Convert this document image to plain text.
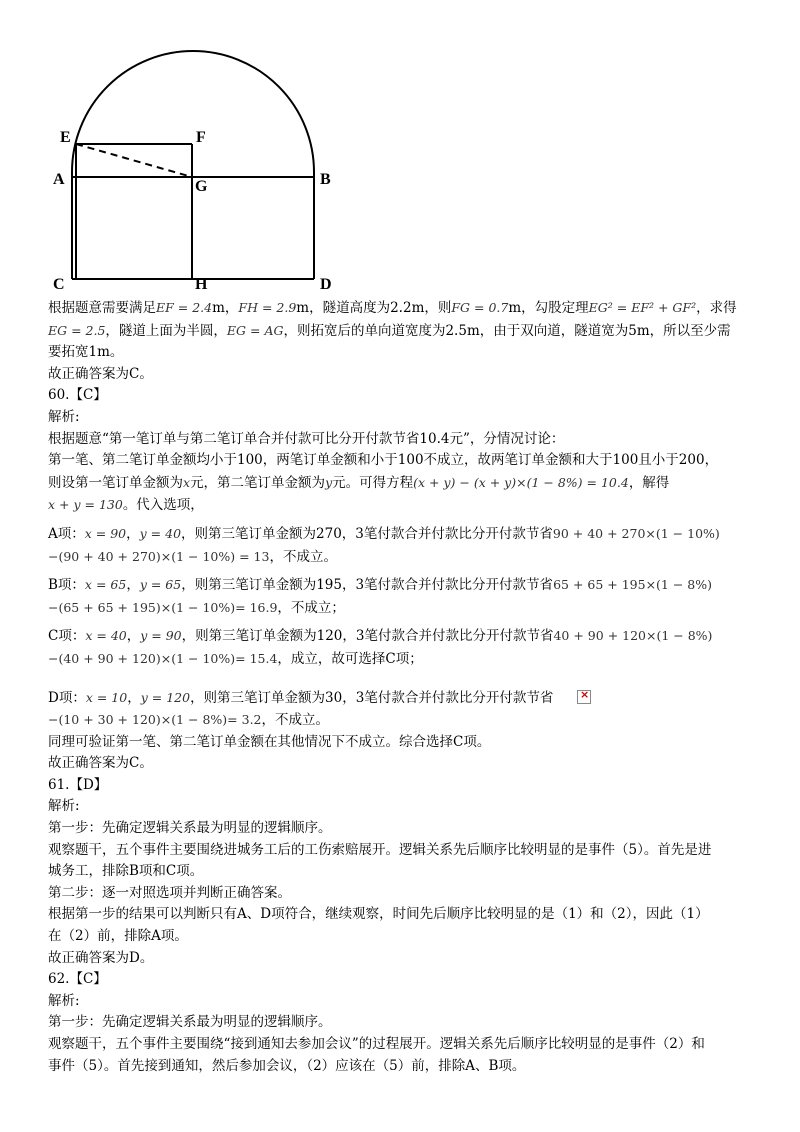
E	F
A	G	B
C	H	D

根据题意需要满足EF = 2.4m，FH = 2.9m，隧道高度为2.2m，则FG = 0.7m，勾股定理EG² = EF² + GF²，求得

EG = 2.5，隧道上面为半圆，EG = AG，则拓宽后的单向道宽度为2.5m，由于双向道，隧道宽为5m，所以至少需

要拓宽1m。

故正确答案为C。

60.【C】

解析:

根据题意“第一笔订单与第二笔订单合并付款可比分开付款节省10.4元”，分情况讨论：

第一笔、第二笔订单金额均小于100，两笔订单金额和小于100不成立，故两笔订单金额和大于100且小于200，

则设第一笔订单金额为x元，第二笔订单金额为y元。可得方程(x + y) − (x + y)×(1 − 8%) = 10.4，解得

x + y = 130。代入选项，

A项：x = 90，y = 40，则第三笔订单金额为270，3笔付款合并付款比分开付款节省90 + 40 + 270×(1 − 10%)

−(90 + 40 + 270)×(1 − 10%) = 13，不成立。

B项：x = 65，y = 65，则第三笔订单金额为195，3笔付款合并付款比分开付款节省65 + 65 + 195×(1 − 8%)

−(65 + 65 + 195)×(1 − 10%)= 16.9，不成立；

C项：x = 40，y = 90，则第三笔订单金额为120，3笔付款合并付款比分开付款节省40 + 90 + 120×(1 − 8%)

−(40 + 90 + 120)×(1 − 10%)= 15.4，成立，故可选择C项；

D项：x = 10，y = 120，则第三笔订单金额为30，3笔付款合并付款比分开付款节省

−(10 + 30 + 120)×(1 − 8%)= 3.2，不成立。

同理可验证第一笔、第二笔订单金额在其他情况下不成立。综合选择C项。

故正确答案为C。

61.【D】

解析:

第一步：先确定逻辑关系最为明显的逻辑顺序。

观察题干，五个事件主要围绕进城务工后的工伤索赔展开。逻辑关系先后顺序比较明显的是事件（5）。首先是进

城务工，排除B项和C项。

第二步：逐一对照选项并判断正确答案。

根据第一步的结果可以判断只有A、D项符合，继续观察，时间先后顺序比较明显的是（1）和（2），因此（1）

在（2）前，排除A项。

故正确答案为D。

62.【C】

解析:

第一步：先确定逻辑关系最为明显的逻辑顺序。

观察题干，五个事件主要围绕“接到通知去参加会议”的过程展开。逻辑关系先后顺序比较明显的是事件（2）和

事件（5）。首先接到通知，然后参加会议，（2）应该在（5）前，排除A、B项。

×
